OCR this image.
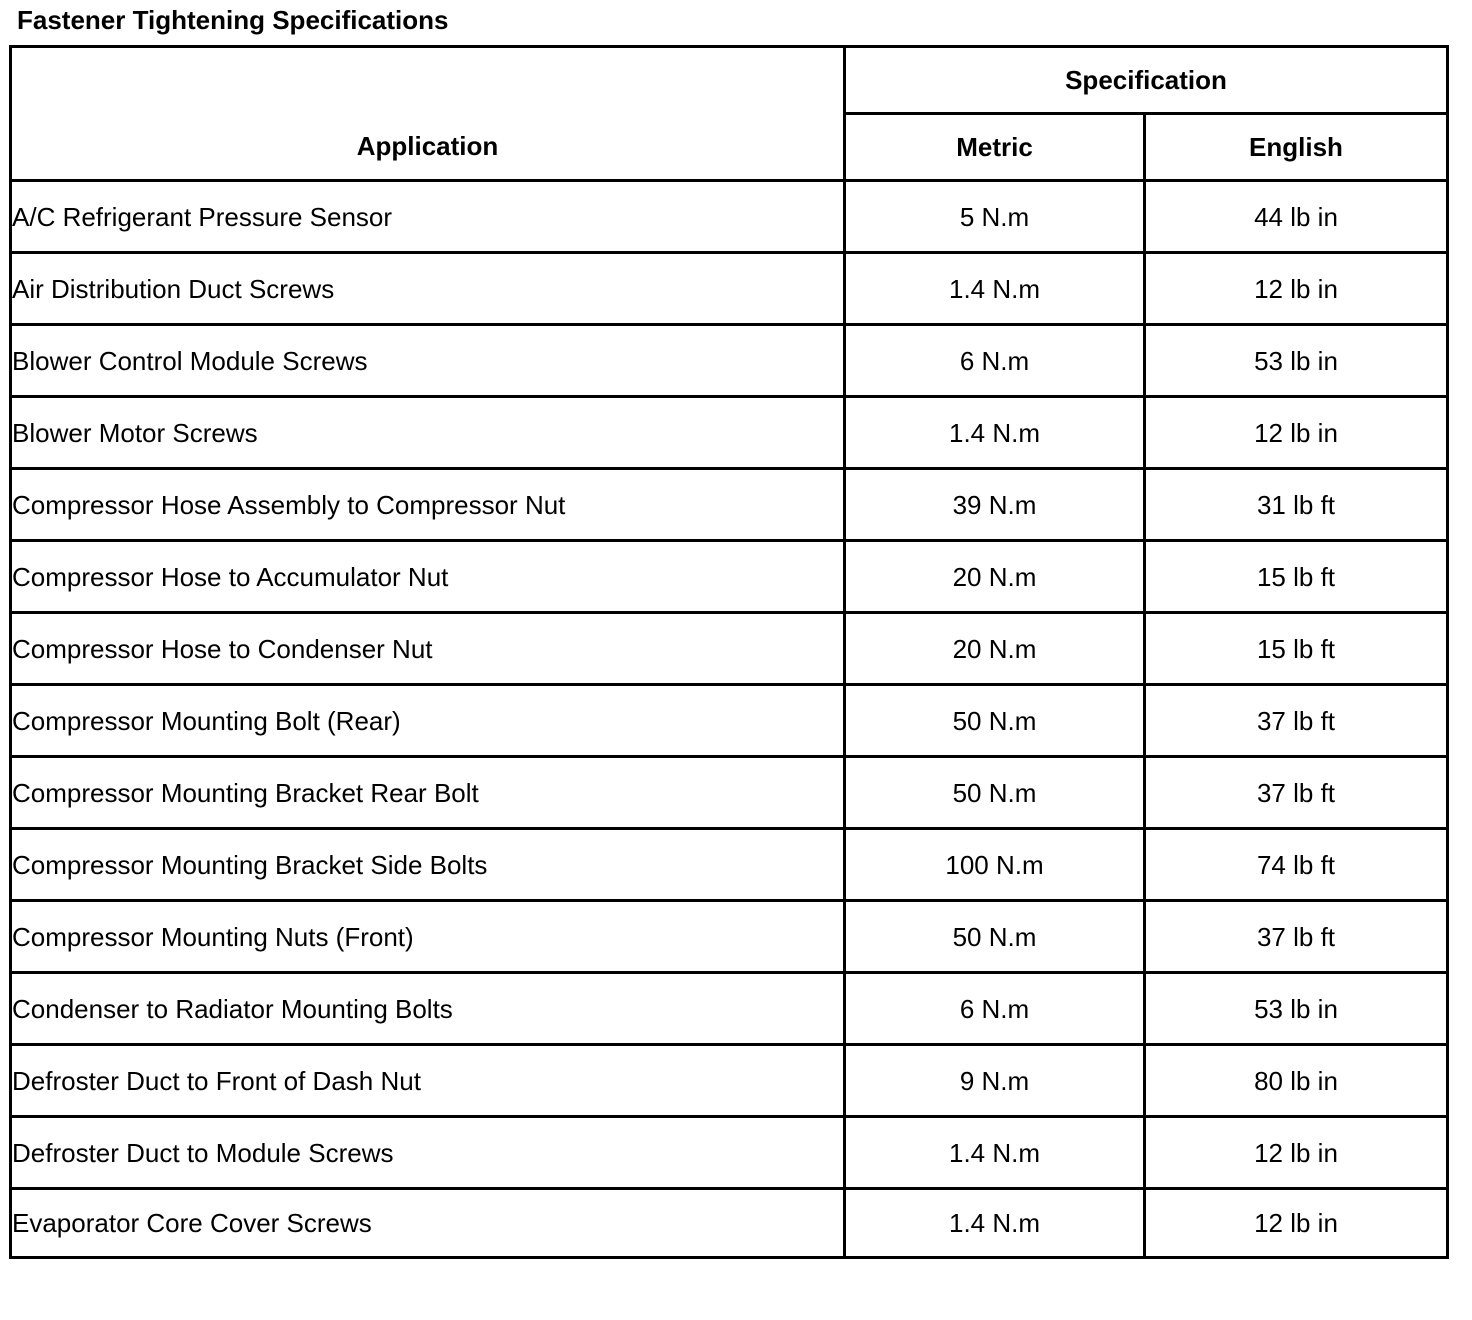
Fastener Tightening Specifications
Application	Specification	
	Metric	English
A/C Refrigerant Pressure Sensor	5 N.m	44 lb in
Air Distribution Duct Screws	1.4 N.m	12 lb in
Blower Control Module Screws	6 N.m	53 lb in
Blower Motor Screws	1.4 N.m	12 lb in
Compressor Hose Assembly to Compressor Nut	39 N.m	31 lb ft
Compressor Hose to Accumulator Nut	20 N.m	15 lb ft
Compressor Hose to Condenser Nut	20 N.m	15 lb ft
Compressor Mounting Bolt (Rear)	50 N.m	37 lb ft
Compressor Mounting Bracket Rear Bolt	50 N.m	37 lb ft
Compressor Mounting Bracket Side Bolts	100 N.m	74 lb ft
Compressor Mounting Nuts (Front)	50 N.m	37 lb ft
Condenser to Radiator Mounting Bolts	6 N.m	53 lb in
Defroster Duct to Front of Dash Nut	9 N.m	80 lb in
Defroster Duct to Module Screws	1.4 N.m	12 lb in
Evaporator Core Cover Screws	1.4 N.m	12 lb in
